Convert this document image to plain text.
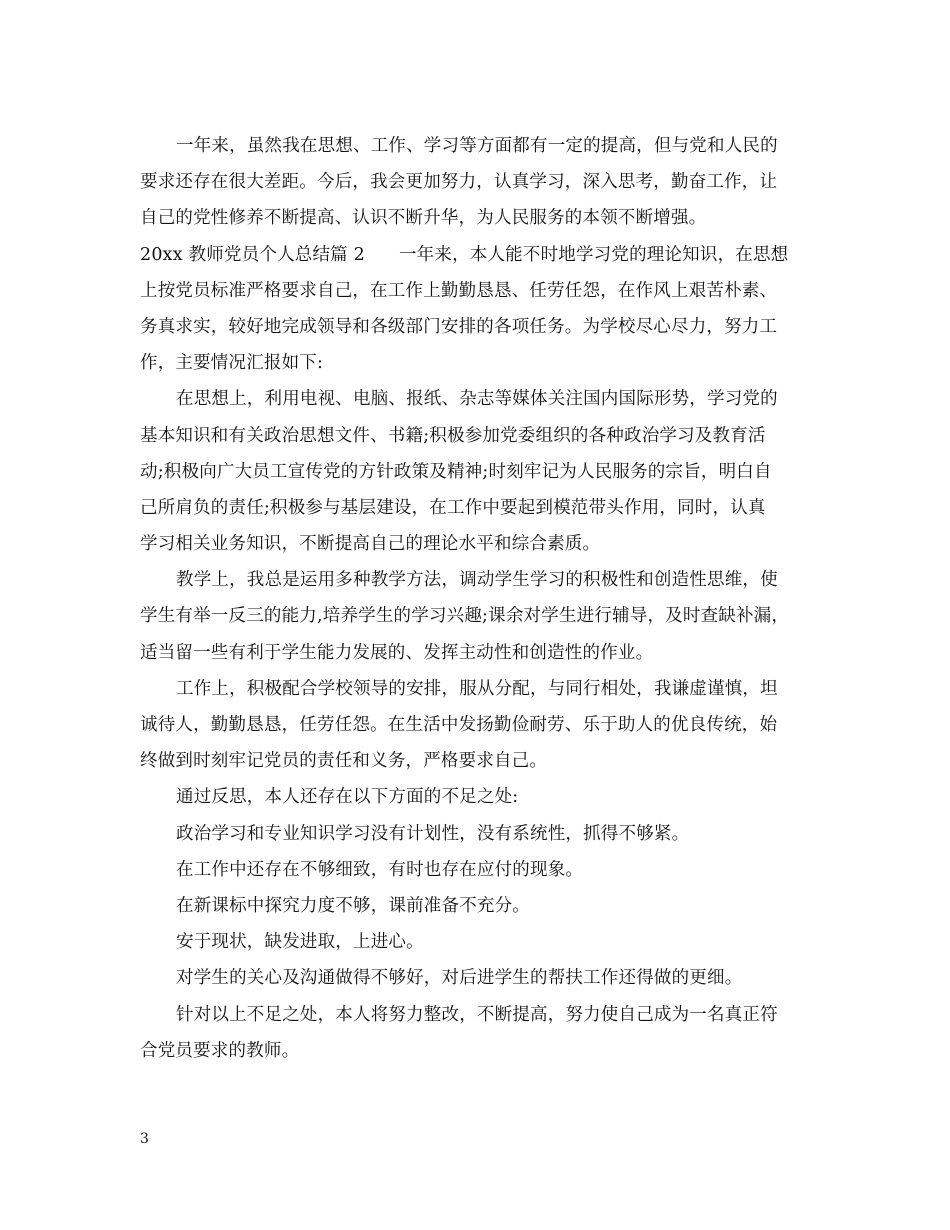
一年来，虽然我在思想、工作、学习等方面都有一定的提高，但与党和人民的
要求还存在很大差距。今后，我会更加努力，认真学习，深入思考，勤奋工作，让
自己的党性修养不断提高、认识不断升华，为人民服务的本领不断增强。
20xx 教师党员个人总结篇 2 一年来，本人能不时地学习党的理论知识，在思想
上按党员标准严格要求自己，在工作上勤勤恳恳、任劳任怨，在作风上艰苦朴素、
务真求实，较好地完成领导和各级部门安排的各项任务。为学校尽心尽力，努力工
作，主要情况汇报如下:
在思想上，利用电视、电脑、报纸、杂志等媒体关注国内国际形势，学习党的
基本知识和有关政治思想文件、书籍;积极参加党委组织的各种政治学习及教育活
动;积极向广大员工宣传党的方针政策及精神;时刻牢记为人民服务的宗旨，明白自
己所肩负的责任;积极参与基层建设，在工作中要起到模范带头作用，同时，认真
学习相关业务知识，不断提高自己的理论水平和综合素质。
教学上，我总是运用多种教学方法，调动学生学习的积极性和创造性思维，使
学生有举一反三的能力,培养学生的学习兴趣;课余对学生进行辅导，及时查缺补漏，
适当留一些有利于学生能力发展的、发挥主动性和创造性的作业。
工作上，积极配合学校领导的安排，服从分配，与同行相处，我谦虚谨慎，坦
诚待人，勤勤恳恳，任劳任怨。在生活中发扬勤俭耐劳、乐于助人的优良传统，始
终做到时刻牢记党员的责任和义务，严格要求自己。
通过反思，本人还存在以下方面的不足之处:
政治学习和专业知识学习没有计划性，没有系统性，抓得不够紧。
在工作中还存在不够细致，有时也存在应付的现象。
在新课标中探究力度不够，课前准备不充分。
安于现状，缺发进取，上进心。
对学生的关心及沟通做得不够好，对后进学生的帮扶工作还得做的更细。
针对以上不足之处，本人将努力整改，不断提高，努力使自己成为一名真正符
合党员要求的教师。
3
